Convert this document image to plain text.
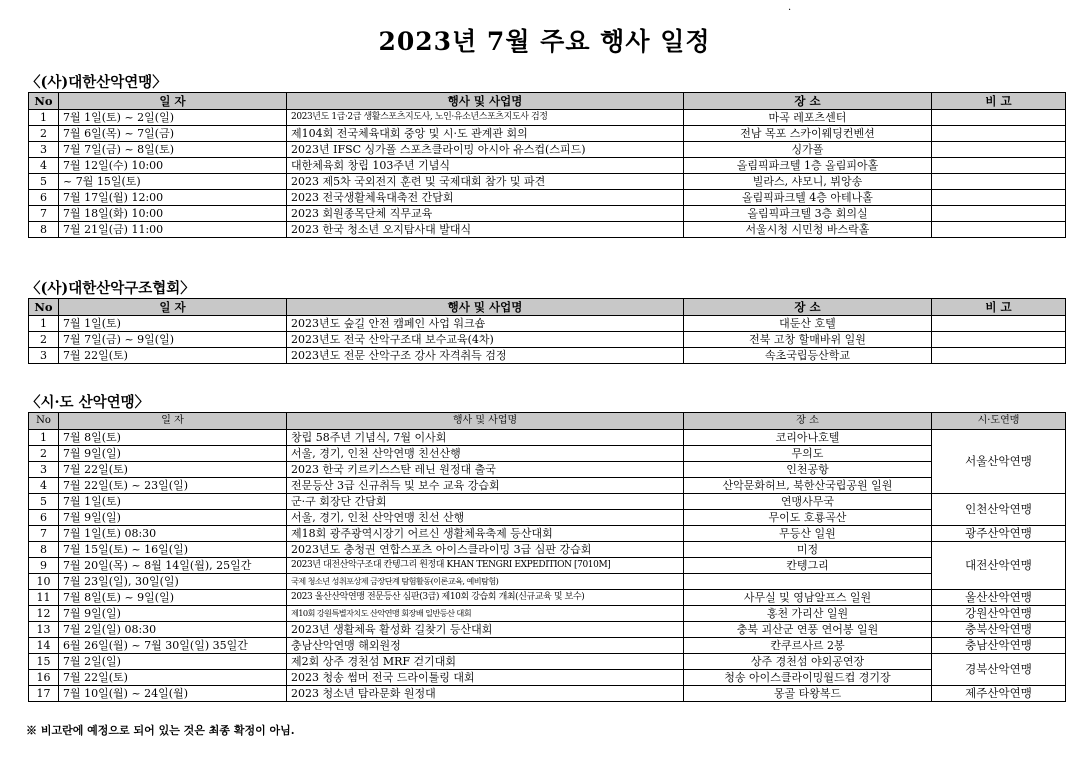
.
2023년 7월 주요 행사 일정
〈(사)대한산악연맹〉
No	일 자	행사 및 사업명	장 소	비 고
1	7월 1일(토) ~ 2일(일)	2023년도 1급·2급 생활스포츠지도사, 노인·유소년스포츠지도사 검정	마곡 레포츠센터	
2	7월 6일(목) ~ 7일(금)	제104회 전국체육대회 중앙 및 시·도 관계관 회의	전남 목포 스카이웨딩컨벤션	
3	7월 7일(금) ~ 8일(토)	2023년 IFSC 싱가폴 스포츠클라이밍 아시아 유스컵(스피드)	싱가폴	
4	7월 12일(수) 10:00	대한체육회 창립 103주년 기념식	올림픽파크텔 1층 올림피아홀	
5	~ 7월 15일(토)	2023 제5차 국외전지 훈련 및 국제대회 참가 및 파견	빌라스, 샤모니, 뷔앙송	
6	7월 17일(월) 12:00	2023 전국생활체육대축전 간담회	올림픽파크텔 4층 아테나홀	
7	7월 18일(화) 10:00	2023 회원종목단체 직무교육	올림픽파크텔 3층 회의실	
8	7월 21일(금) 11:00	2023 한국 청소년 오지탐사대 발대식	서울시청 시민청 바스락홀	
〈(사)대한산악구조협회〉
No	일 자	행사 및 사업명	장 소	비 고
1	7월 1일(토)	2023년도 숲길 안전 캠페인 사업 워크숍	대둔산 호텔	
2	7월 7일(금) ~ 9일(일)	2023년도 전국 산악구조대 보수교육(4차)	전북 고창 할매바위 일원	
3	7월 22일(토)	2023년도 전문 산악구조 강사 자격취득 검정	속초국립등산학교	
〈시·도 산악연맹〉
No	일 자	행사 및 사업명	장 소	시·도연맹
1	7월 8일(토)	창립 58주년 기념식, 7월 이사회	코리아나호텔	서울산악연맹
2	7월 9일(일)	서울, 경기, 인천 산악연맹 친선산행	무의도	
3	7월 22일(토)	2023 한국 키르키스스탄 레닌 원정대 출국	인천공항	
4	7월 22일(토) ~ 23일(일)	전문등산 3급 신규취득 및 보수 교육 강습회	산악문화허브, 북한산국립공원 일원	
5	7월 1일(토)	군·구 회장단 간담회	연맹사무국	인천산악연맹
6	7월 9일(일)	서울, 경기, 인천 산악연맹 친선 산행	무이도 호룡곡산	
7	7월 1일(토) 08:30	제18회 광주광역시장기 어르신 생활체육축제 등산대회	무등산 일원	광주산악연맹
8	7월 15일(토) ~ 16일(일)	2023년도 충청권 연합스포츠 아이스클라이밍 3급 심판 강습회	미정	대전산악연맹
9	7월 20일(목) ~ 8월 14일(월), 25일간	2023년 대전산악구조대 칸텡그리 원정대 KHAN TENGRI EXPEDITION [7010M]	칸텡그리	
10	7월 23일(일), 30일(일)	국제 청소년 성취포상제 금장단계 탐험활동(이론교육, 예비탐험)		
11	7월 8일(토) ~ 9일(일)	2023 울산산악연맹 전문등산 심판(3급) 제10회 강습회 개최(신규교육 및 보수)	사무실 및 영남알프스 일원	울산산악연맹
12	7월 9일(일)	제10회 강원특별자치도 산악연맹 회장배 일반등산 대회	홍천 가리산 일원	강원산악연맹
13	7월 2일(일) 08:30	2023년 생활체육 활성화 길찾기 등산대회	충북 괴산군 연풍 연어봉 일원	충북산악연맹
14	6월 26일(월) ~ 7월 30일(일) 35일간	충남산악연맹 해외원정	칸쿠르사르 2봉	충남산악연맹
15	7월 2일(일)	제2회 상주 경천섬 MRF 걷기대회	상주 경천섬 야외공연장	경북산악연맹
16	7월 22일(토)	2023 청송 썸머 전국 드라이툴링 대회	청송 아이스클라이밍월드컵 경기장	
17	7월 10일(월) ~ 24일(월)	2023 청소년 탐라문화 원정대	몽골 타왕복드	제주산악연맹
※ 비고란에 예정으로 되어 있는 것은 최종 확정이 아님.
